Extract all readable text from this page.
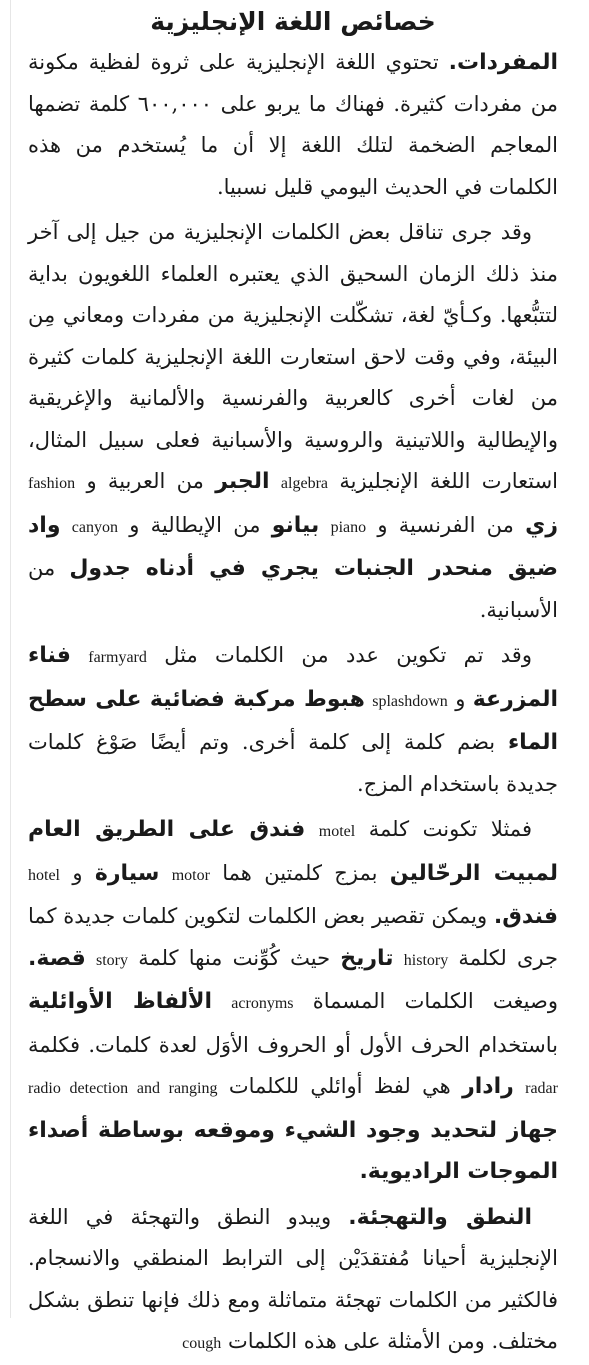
خصائص اللغة الإنجليزية

المفردات. تحتوي اللغة الإنجليزية على ثروة لفظية مكونة من مفردات كثيرة. فهناك ما يربو على ٦٠٠,٠٠٠ كلمة تضمها المعاجم الضخمة لتلك اللغة إلا أن ما يُستخدم من هذه الكلمات في الحديث اليومي قليل نسبيا.

وقد جرى تناقل بعض الكلمات الإنجليزية من جيل إلى آخر منذ ذلك الزمان السحيق الذي يعتبره العلماء اللغويون بداية لتتبُّعها. وكـأيّ لغة، تشكّلت الإنجليزية من مفردات ومعاني مِن البيئة، وفي وقت لاحق استعارت اللغة الإنجليزية كلمات كثيرة من لغات أخرى كالعربية والفرنسية والألمانية والإغريقية والإيطالية واللاتينية والروسية والأسبانية فعلى سبيل المثال، استعارت اللغة الإنجليزية algebra الجبر من العربية و fashion زي من الفرنسية و piano بيانو من الإيطالية و canyon واد ضيق منحدر الجنبات يجري في أدناه جدول من الأسبانية.

وقد تم تكوين عدد من الكلمات مثل farmyard فناء المزرعة و splashdown هبوط مركبة فضائية على سطح الماء بضم كلمة إلى كلمة أخرى. وتم أيضًا صَوْغ كلمات جديدة باستخدام المزج.

فمثلا تكونت كلمة motel فندق على الطريق العام لمبيت الرحّالين بمزج كلمتين هما motor سيارة و hotel فندق. ويمكن تقصير بعض الكلمات لتكوين كلمات جديدة كما جرى لكلمة history تاريخ حيث كُوِّنت منها كلمة story قصة. وصيغت الكلمات المسماة acronyms الألفاظ الأوائلية باستخدام الحرف الأول أو الحروف الأوَل لعدة كلمات. فكلمة radar رادار هي لفظ أوائلي للكلمات radio detection and ranging جهاز لتحديد وجود الشيء وموقعه بوساطة أصداء الموجات الراديوية.

النطق والتهجئة. ويبدو النطق والتهجئة في اللغة الإنجليزية أحيانا مُفتقدَيْن إلى الترابط المنطقي والانسجام. فالكثير من الكلمات تهجئة متماثلة ومع ذلك فإنها تنطق بشكل مختلف. ومن الأمثلة على هذه الكلمات cough
